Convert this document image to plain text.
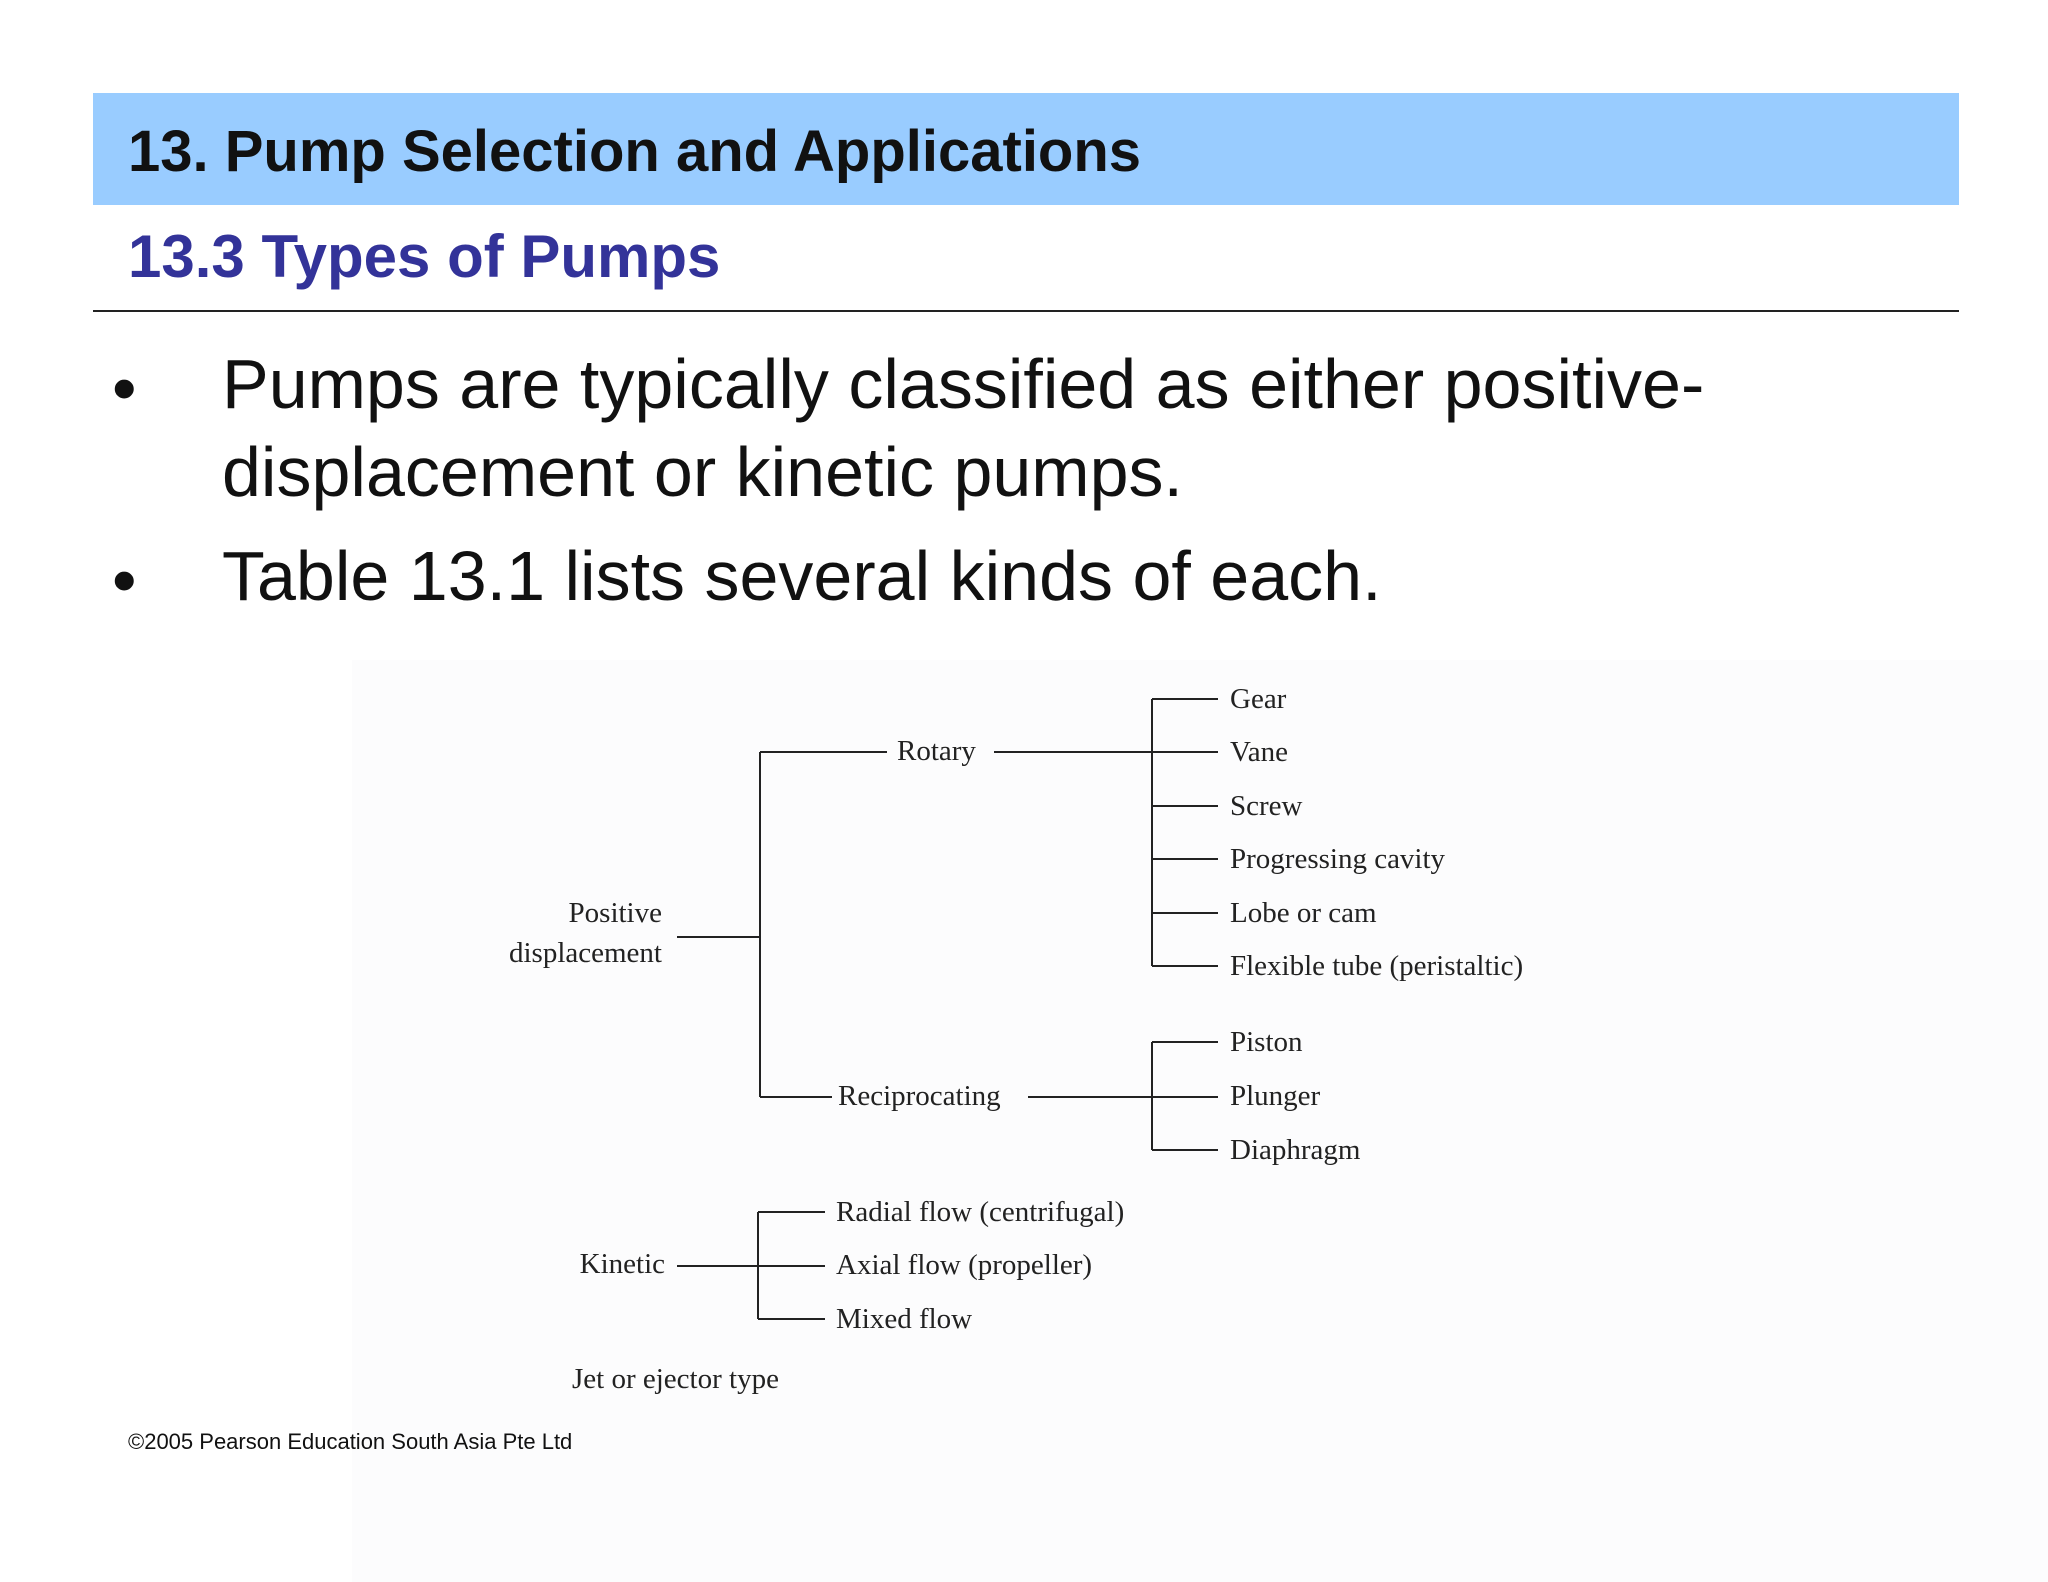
13. Pump Selection and Applications
13.3 Types of Pumps
• Pumps are typically classified as either positive-displacement or kinetic pumps.
• Table 13.1 lists several kinds of each.
Positive
displacement
Rotary
Gear
Vane
Screw
Progressing cavity
Lobe or cam
Flexible tube (peristaltic)
Reciprocating
Piston
Plunger
Diaphragm
Kinetic
Radial flow (centrifugal)
Axial flow (propeller)
Mixed flow
Jet or ejector type
©2005 Pearson Education South Asia Pte Ltd
